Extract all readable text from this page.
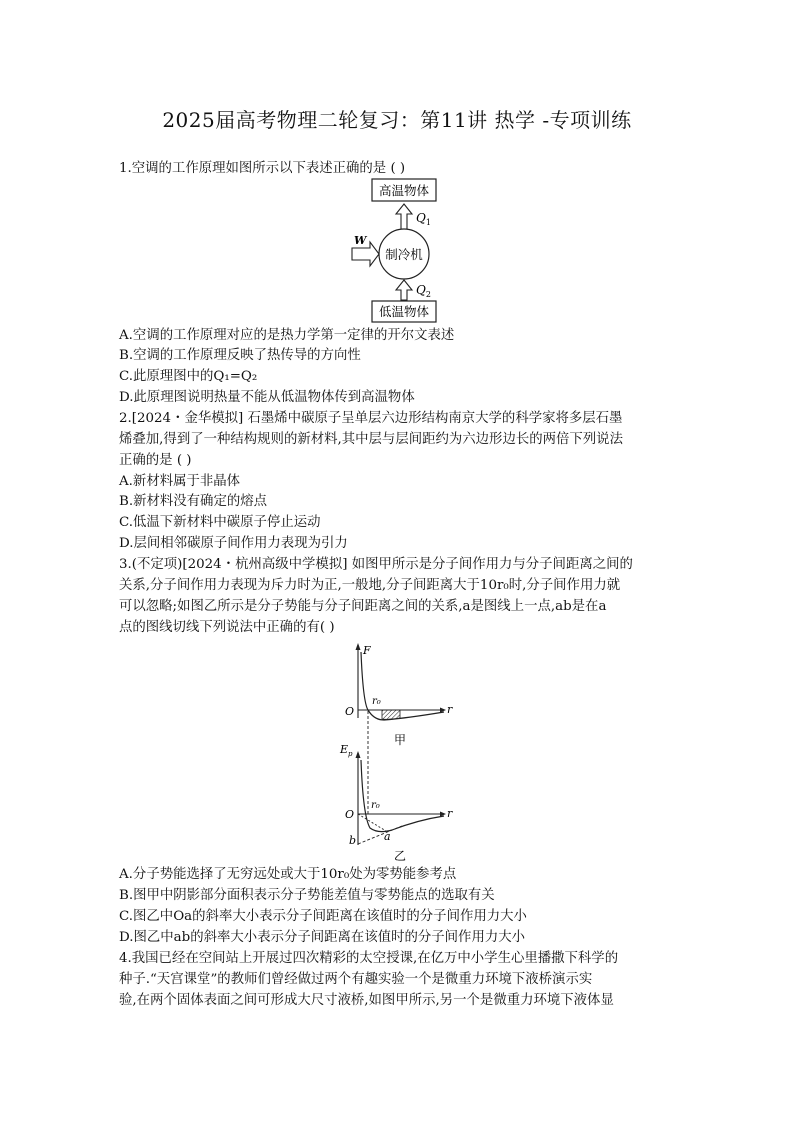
2025届高考物理二轮复习：第11讲 热学 -专项训练
1.空调的工作原理如图所示以下表述正确的是 ( )
高温物体
$Q_1$
制冷机
W
$Q_2$
低温物体
A.空调的工作原理对应的是热力学第一定律的开尔文表述
B.空调的工作原理反映了热传导的方向性
C.此原理图中的Q₁=Q₂
D.此原理图说明热量不能从低温物体传到高温物体
2.[2024・金华模拟] 石墨烯中碳原子呈单层六边形结构南京大学的科学家将多层石墨
烯叠加,得到了一种结构规则的新材料,其中层与层间距约为六边形边长的两倍下列说法
正确的是 ( )
A.新材料属于非晶体
B.新材料没有确定的熔点
C.低温下新材料中碳原子停止运动
D.层间相邻碳原子间作用力表现为引力
3.(不定项)[2024・杭州高级中学模拟] 如图甲所示是分子间作用力与分子间距离之间的
关系,分子间作用力表现为斥力时为正,一般地,分子间距离大于10r₀时,分子间作用力就
可以忽略;如图乙所示是分子势能与分子间距离之间的关系,a是图线上一点,ab是在a
点的图线切线下列说法中正确的有( )
F
r
O
r₀
甲
$E_p$
r
O
r₀
a
b
乙
A.分子势能选择了无穷远处或大于10r₀处为零势能参考点
B.图甲中阴影部分面积表示分子势能差值与零势能点的选取有关
C.图乙中Oa的斜率大小表示分子间距离在该值时的分子间作用力大小
D.图乙中ab的斜率大小表示分子间距离在该值时的分子间作用力大小
4.我国已经在空间站上开展过四次精彩的太空授课,在亿万中小学生心里播撒下科学的
种子.“天宫课堂”的教师们曾经做过两个有趣实验一个是微重力环境下液桥演示实
验,在两个固体表面之间可形成大尺寸液桥,如图甲所示,另一个是微重力环境下液体显
